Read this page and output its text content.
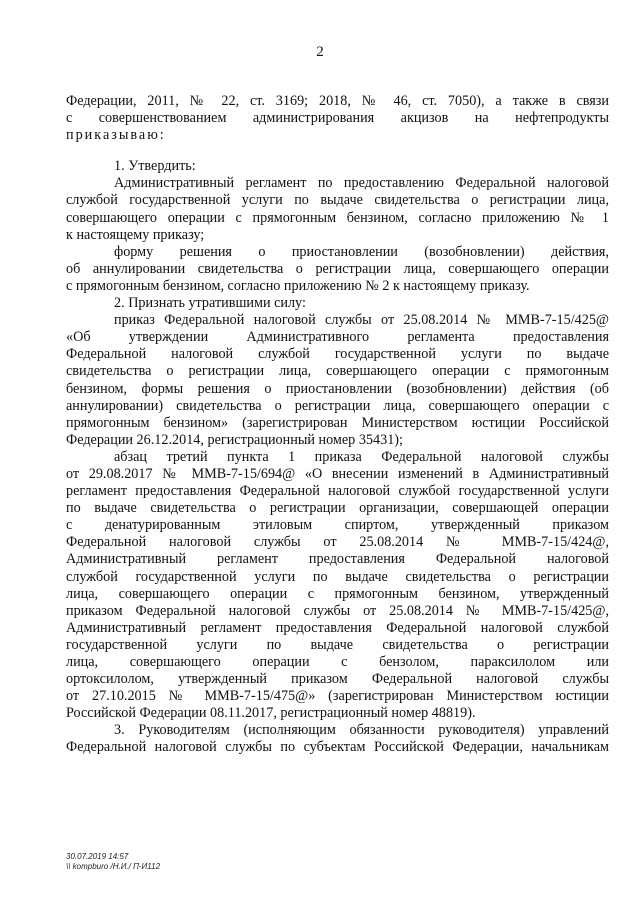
2
Федерации, 2011, № 22, ст. 3169; 2018, № 46, ст. 7050), а также в связи
с совершенствованием администрирования акцизов на нефтепродукты
приказываю:
1. Утвердить:
Административный регламент по предоставлению Федеральной налоговой
службой государственной услуги по выдаче свидетельства о регистрации лица,
совершающего операции с прямогонным бензином, согласно приложению № 1
к настоящему приказу;
форму решения о приостановлении (возобновлении) действия,
об аннулировании свидетельства о регистрации лица, совершающего операции
с прямогонным бензином, согласно приложению № 2 к настоящему приказу.
2. Признать утратившими силу:
приказ Федеральной налоговой службы от 25.08.2014 № ММВ-7-15/425@
«Об утверждении Административного регламента предоставления
Федеральной налоговой службой государственной услуги по выдаче
свидетельства о регистрации лица, совершающего операции с прямогонным
бензином, формы решения о приостановлении (возобновлении) действия (об
аннулировании) свидетельства о регистрации лица, совершающего операции с
прямогонным бензином» (зарегистрирован Министерством юстиции Российской
Федерации 26.12.2014, регистрационный номер 35431);
абзац третий пункта 1 приказа Федеральной налоговой службы
от 29.08.2017 № ММВ-7-15/694@ «О внесении изменений в Административный
регламент предоставления Федеральной налоговой службой государственной услуги
по выдаче свидетельства о регистрации организации, совершающей операции
с денатурированным этиловым спиртом, утвержденный приказом
Федеральной налоговой службы от 25.08.2014 № ММВ-7-15/424@,
Административный регламент предоставления Федеральной налоговой
службой государственной услуги по выдаче свидетельства о регистрации
лица, совершающего операции с прямогонным бензином, утвержденный
приказом Федеральной налоговой службы от 25.08.2014 № ММВ-7-15/425@,
Административный регламент предоставления Федеральной налоговой службой
государственной услуги по выдаче свидетельства о регистрации
лица, совершающего операции с бензолом, параксилолом или
ортоксилолом, утвержденный приказом Федеральной налоговой службы
от 27.10.2015 № ММВ-7-15/475@» (зарегистрирован Министерством юстиции
Российской Федерации 08.11.2017, регистрационный номер 48819).
3. Руководителям (исполняющим обязанности руководителя) управлений
Федеральной налоговой службы по субъектам Российской Федерации, начальникам
30.07.2019 14:57
\\ kompburo /Н.И./ П-И112
